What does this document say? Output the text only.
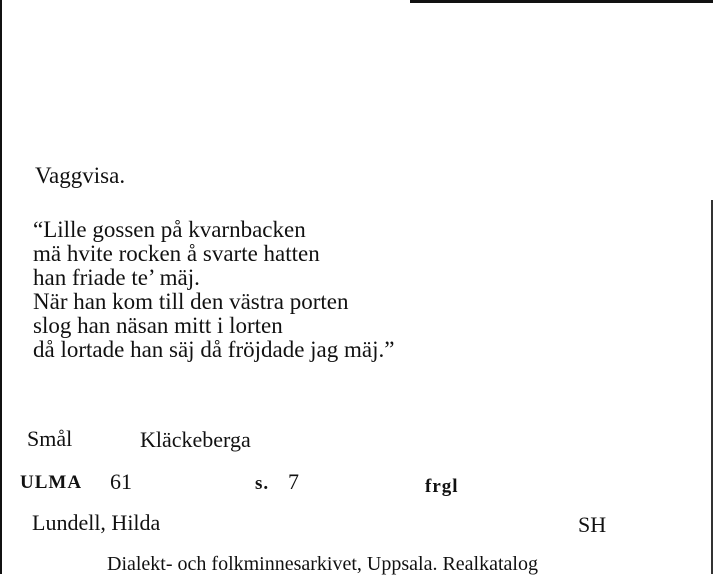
Vaggvisa.
“Lille gossen på kvarnbacken
mä hvite rocken å svarte hatten
han friade te’ mäj.
När han kom till den västra porten
slog han näsan mitt i lorten
då lortade han säj då fröjdade jag mäj.”
Smål	Kläckeberga
ULMA 61	s. 7	frgl
Lundell, Hilda	SH
Dialekt- och folkminnesarkivet, Uppsala. Realkatalog
